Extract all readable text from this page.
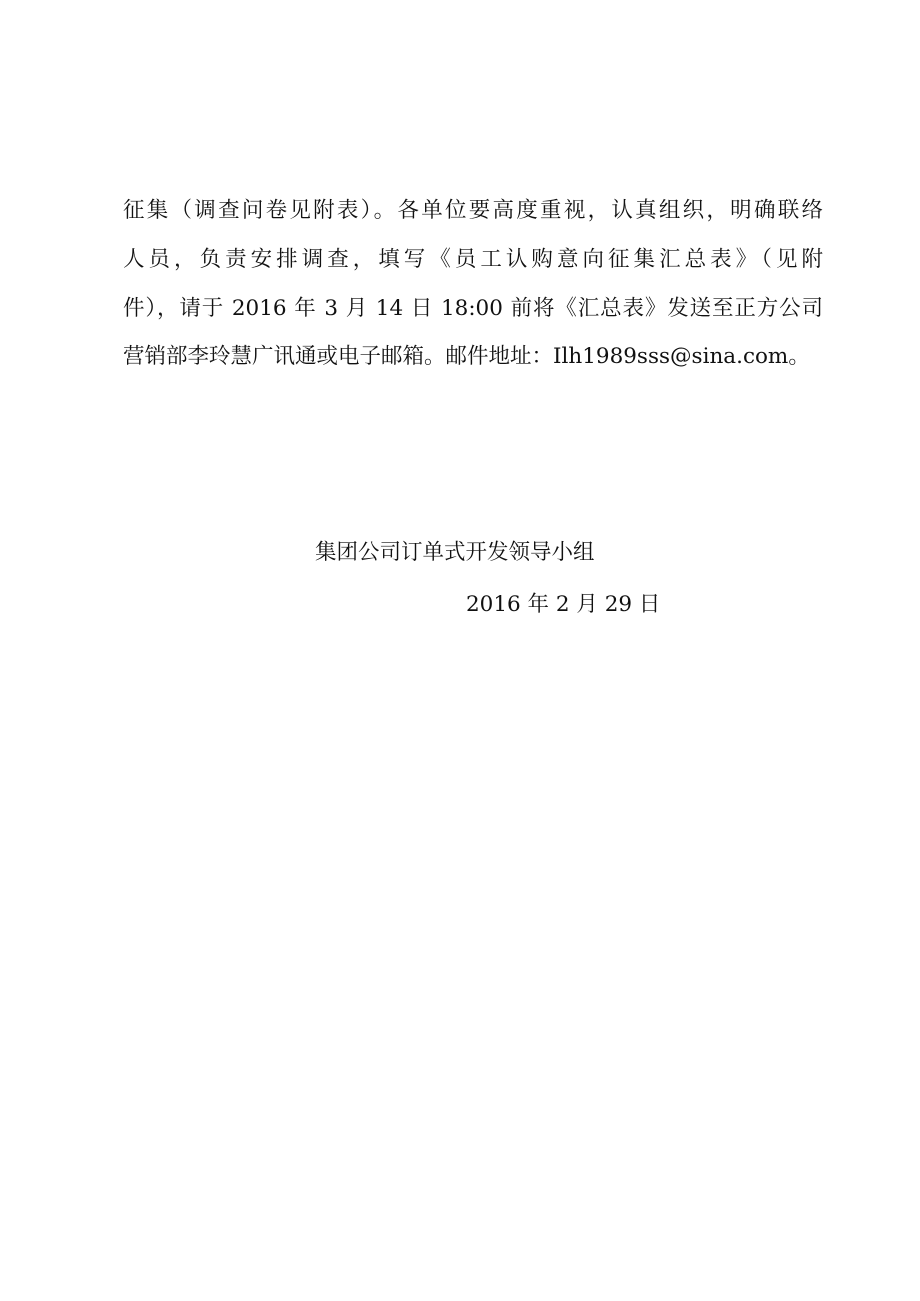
征集（调查问卷见附表）。各单位要高度重视，认真组织，明确联络
人员，负责安排调查，填写《员工认购意向征集汇总表》（见附
件），请于 2016 年 3 月 14 日 18:00 前将《汇总表》发送至正方公司
营销部李玲慧广讯通或电子邮箱。邮件地址：Ilh1989sss@sina.com。
集团公司订单式开发领导小组
2016 年 2 月 29 日
